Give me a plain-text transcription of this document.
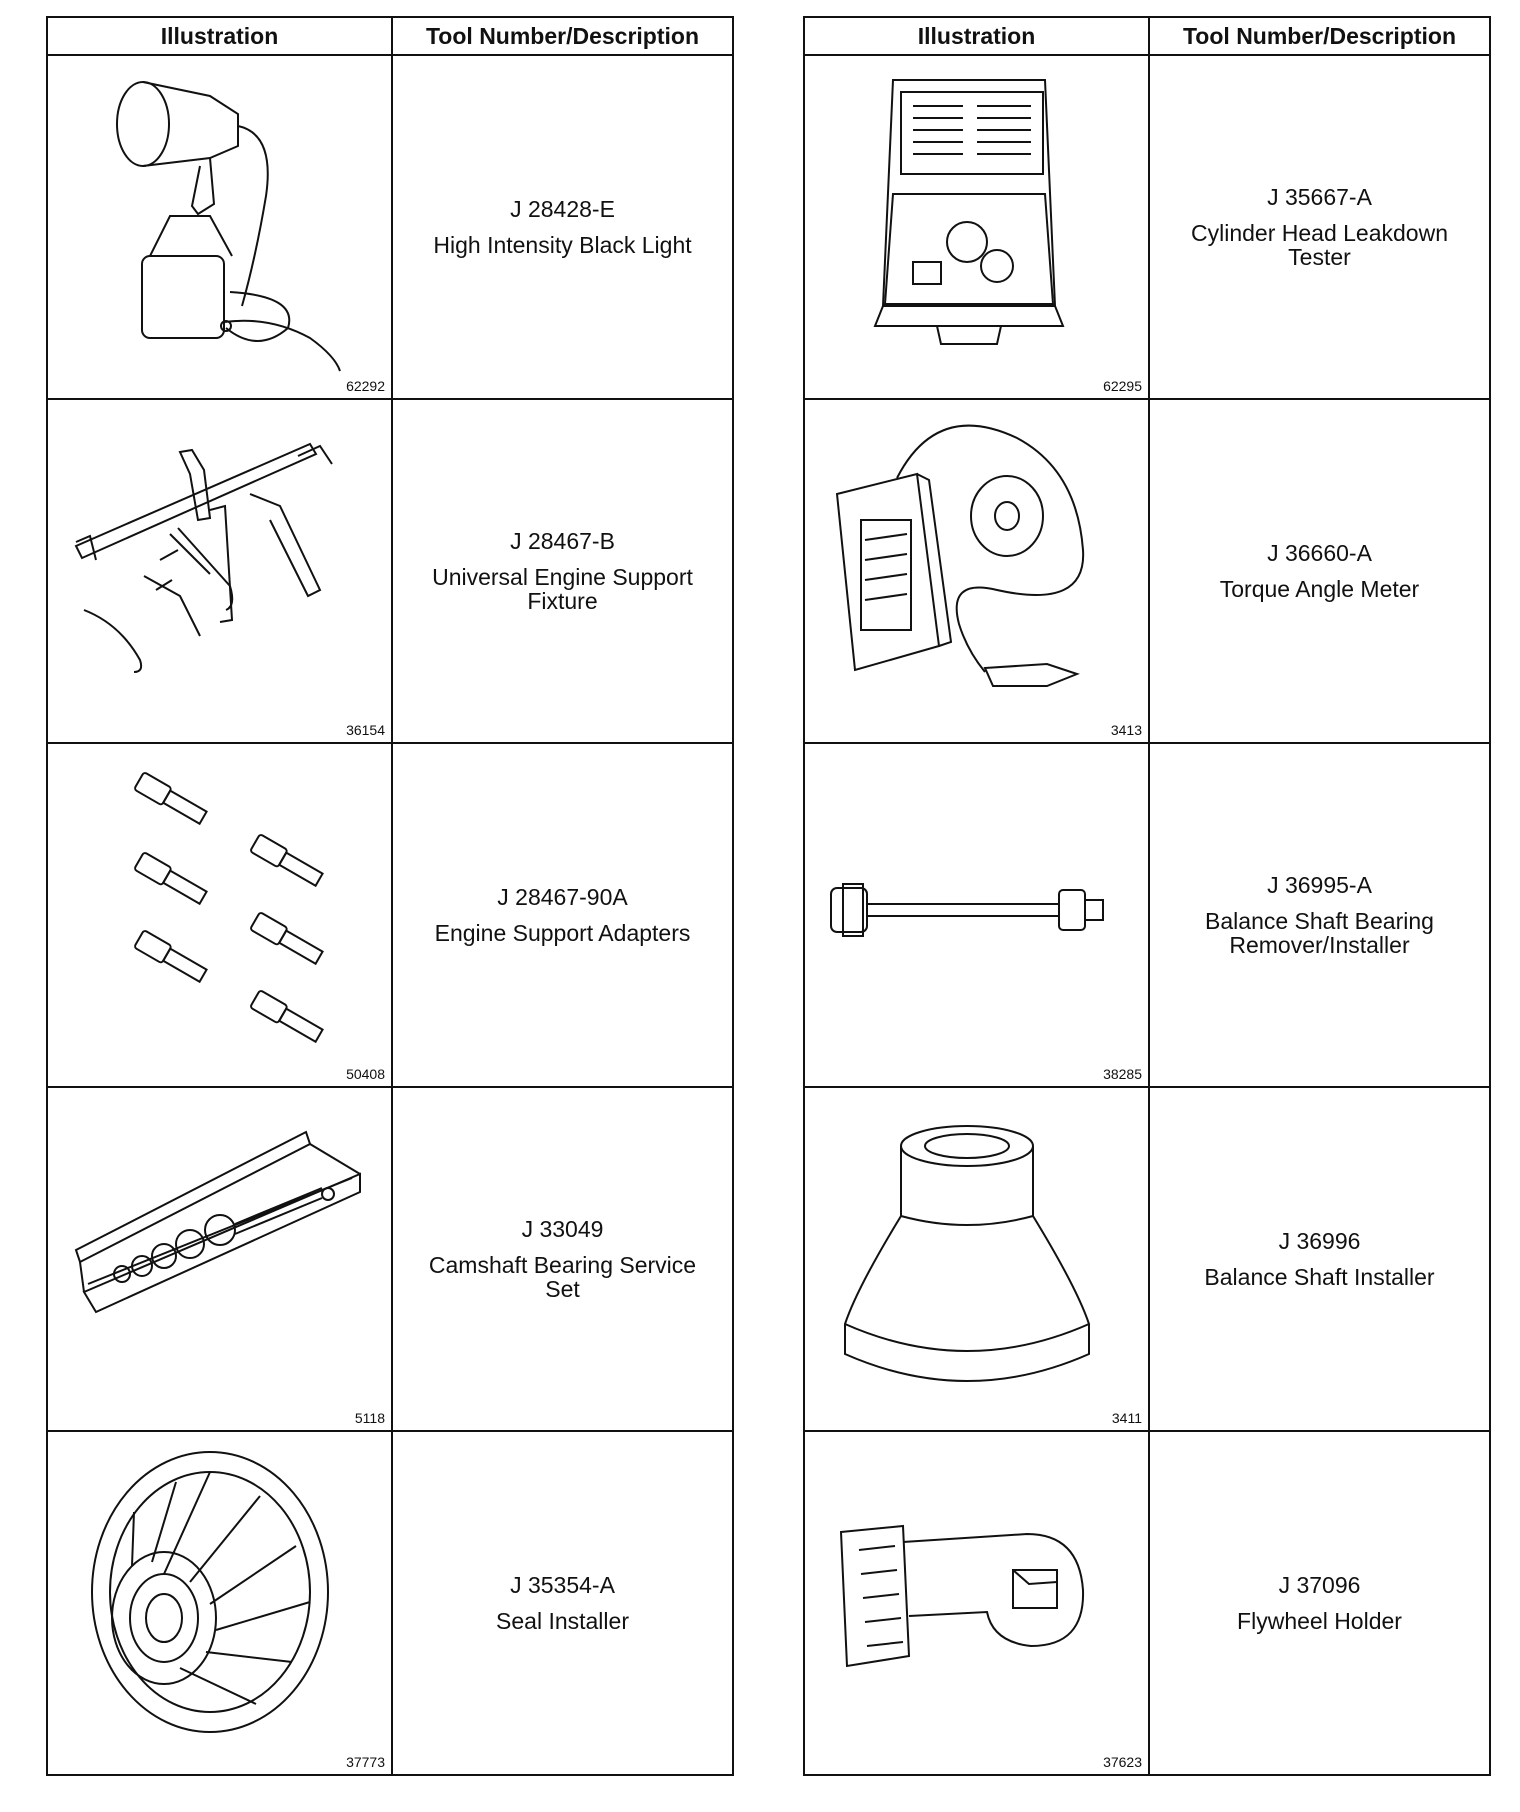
Illustration	Tool Number/Description

62292	J 28428-E
High Intensity Black Light

36154	J 28467-B
Universal Engine Support Fixture

50408	J 28467-90A
Engine Support Adapters

5118	J 33049
Camshaft Bearing Service Set

37773	J 35354-A
Seal Installer
Illustration	Tool Number/Description

62295	J 35667-A
Cylinder Head Leakdown Tester

3413	J 36660-A
Torque Angle Meter

38285	J 36995-A
Balance Shaft Bearing Remover/Installer

3411	J 36996
Balance Shaft Installer

37623	J 37096
Flywheel Holder
